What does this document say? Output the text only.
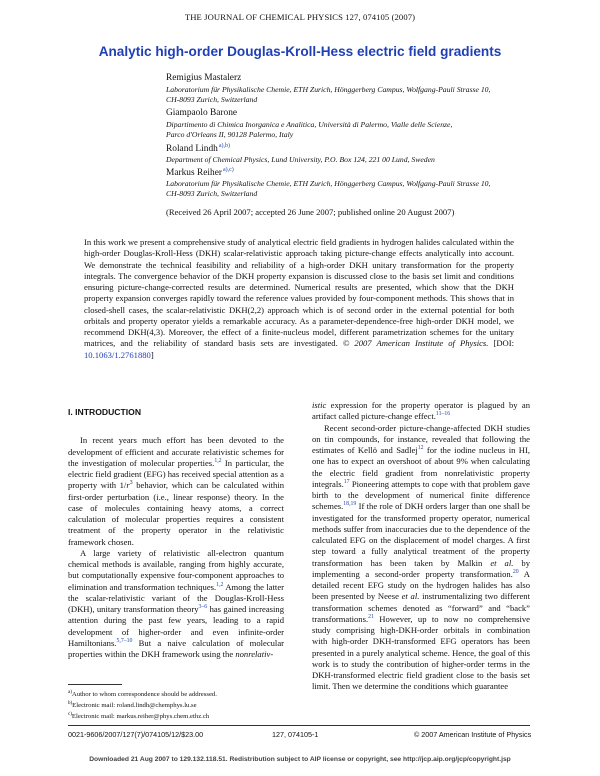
THE JOURNAL OF CHEMICAL PHYSICS 127, 074105 (2007)
Analytic high-order Douglas-Kroll-Hess electric field gradients
Remigius Mastalerz
Laboratorium für Physikalische Chemie, ETH Zurich, Hönggerberg Campus, Wolfgang-Pauli Strasse 10,
CH-8093 Zurich, Switzerland
Giampaolo Barone
Dipartimento di Chimica Inorganica e Analitica, Università di Palermo, Vialle delle Scienze,
Parco d'Orleans II, 90128 Palermo, Italy
Roland Lindh$^{a),b)}$
Department of Chemical Physics, Lund University, P.O. Box 124, 221 00 Lund, Sweden
Markus Reiher$^{a),c)}$
Laboratorium für Physikalische Chemie, ETH Zurich, Hönggerberg Campus, Wolfgang-Pauli Strasse 10,
CH-8093 Zurich, Switzerland
(Received 26 April 2007; accepted 26 June 2007; published online 20 August 2007)
In this work we present a comprehensive study of analytical electric field gradients in hydrogen halides calculated within the high-order Douglas-Kroll-Hess (DKH) scalar-relativistic approach taking picture-change effects analytically into account. We demonstrate the technical feasibility and reliability of a high-order DKH unitary transformation for the property integrals. The convergence behavior of the DKH property expansion is discussed close to the basis set limit and conditions ensuring picture-change-corrected results are determined. Numerical results are presented, which show that the DKH property expansion converges rapidly toward the reference values provided by four-component methods. This shows that in closed-shell cases, the scalar-relativistic DKH(2,2) approach which is of second order in the external potential for both orbitals and property operator yields a remarkable accuracy. As a parameter-dependence-free high-order DKH model, we recommend DKH(4,3). Moreover, the effect of a finite-nucleus model, different parametrization schemes for the unitary matrices, and the reliability of standard basis sets are investigated. © 2007 American Institute of Physics. [DOI: 10.1063/1.2761880]
I. INTRODUCTION

In recent years much effort has been devoted to the development of efficient and accurate relativistic schemes for the investigation of molecular properties.$^{1,2}$ In particular, the electric field gradient (EFG) has received special attention as a property with 1/r$^3$ behavior, which can be calculated within first-order perturbation (i.e., linear response) theory. In the case of molecules containing heavy atoms, a correct calculation of molecular properties requires a consistent treatment of the property operator in the relativistic framework chosen.

A large variety of relativistic all-electron quantum chemical methods is available, ranging from highly accurate, but computationally expensive four-component approaches to elimination and transformation techniques.$^{1,2}$ Among the latter the scalar-relativistic variant of the Douglas-Kroll-Hess (DKH), unitary transformation theory$^{3-6}$ has gained increasing attention during the past few years, leading to a rapid development of higher-order and even infinite-order Hamiltonians.$^{5,7-10}$ But a naive calculation of molecular properties within the DKH framework using the nonrelativ-

istic expression for the property operator is plagued by an artifact called picture-change effect.$^{11-16}$

Recent second-order picture-change-affected DKH studies on tin compounds, for instance, revealed that following the estimates of Kellö and Sadlej$^{12}$ for the iodine nucleus in HI, one has to expect an overshoot of about 9% when calculating the electric field gradient from nonrelativistic property integrals.$^{17}$ Pioneering attempts to cope with that problem gave birth to the development of numerical finite difference schemes.$^{18,19}$ If the role of DKH orders larger than one shall be investigated for the transformed property operator, numerical methods suffer from inaccuracies due to the dependence of the calculated EFG on the displacement of model charges. A first step toward a fully analytical treatment of the property transformation has been taken by Malkin et al. by implementing a second-order property transformation.$^{20}$ A detailed recent EFG study on the hydrogen halides has also been presented by Neese et al. instrumentalizing two different transformation schemes denoted as “forward” and “back” transformations.$^{21}$ However, up to now no comprehensive study comprising high-DKH-order orbitals in combination with high-order DKH-transformed EFG operators has been presented in a purely analytical scheme. Hence, the goal of this work is to study the contribution of higher-order terms in the DKH-transformed electric field gradient close to the basis set limit. Then we determine the conditions which guarantee

$^{a)}$Author to whom correspondence should be addressed.
$^{b)}$Electronic mail: roland.lindh@chemphys.lu.se
$^{c)}$Electronic mail: markus.reiher@phys.chem.ethz.ch
0021-9606/2007/127(7)/074105/12/$23.00	127, 074105-1	© 2007 American Institute of Physics
Downloaded 21 Aug 2007 to 129.132.118.51. Redistribution subject to AIP license or copyright, see http://jcp.aip.org/jcp/copyright.jsp
